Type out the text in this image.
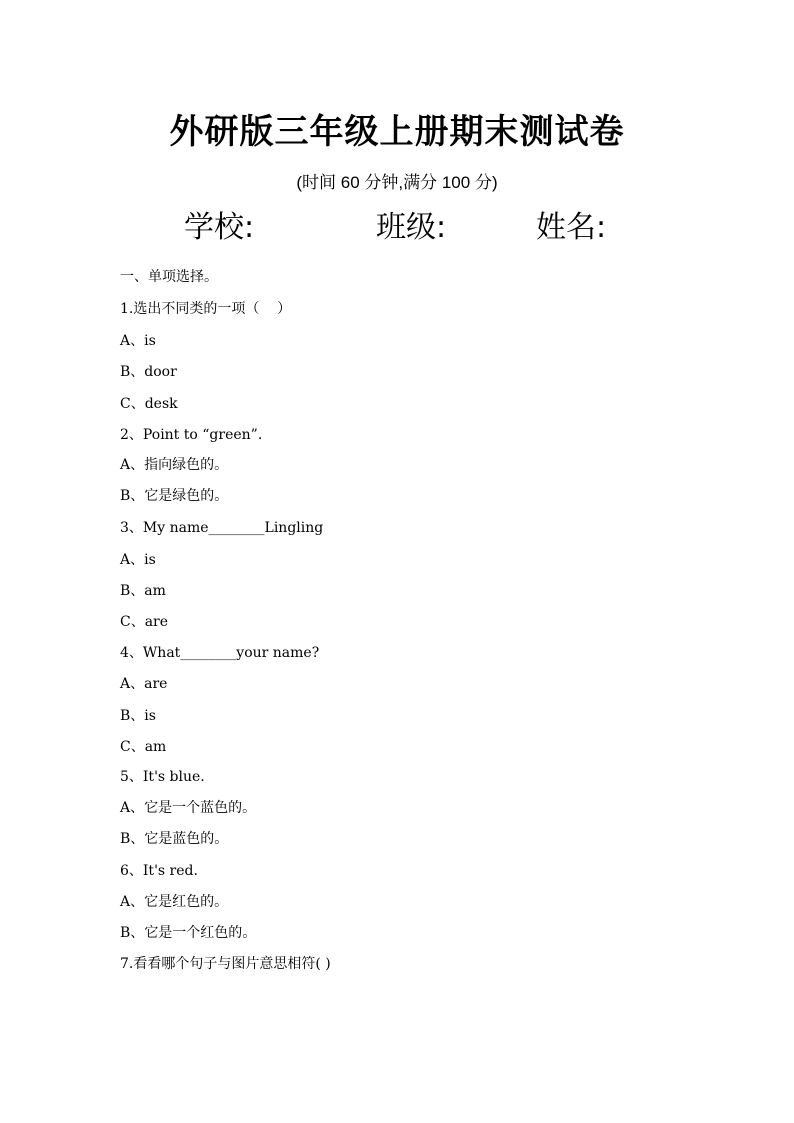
外研版三年级上册期末测试卷
(时间 60 分钟,满分 100 分)
学校:	班级:	姓名:
一、单项选择。
1.选出不同类的一项（    ）
A、is
B、door
C、desk
2、Point to “green”.
A、指向绿色的。
B、它是绿色的。
3、My name________Lingling
A、is
B、am
C、are
4、What________your name?
A、are
B、is
C、am
5、It's blue.
A、它是一个蓝色的。
B、它是蓝色的。
6、It's red.
A、它是红色的。
B、它是一个红色的。
7.看看哪个句子与图片意思相符( )
